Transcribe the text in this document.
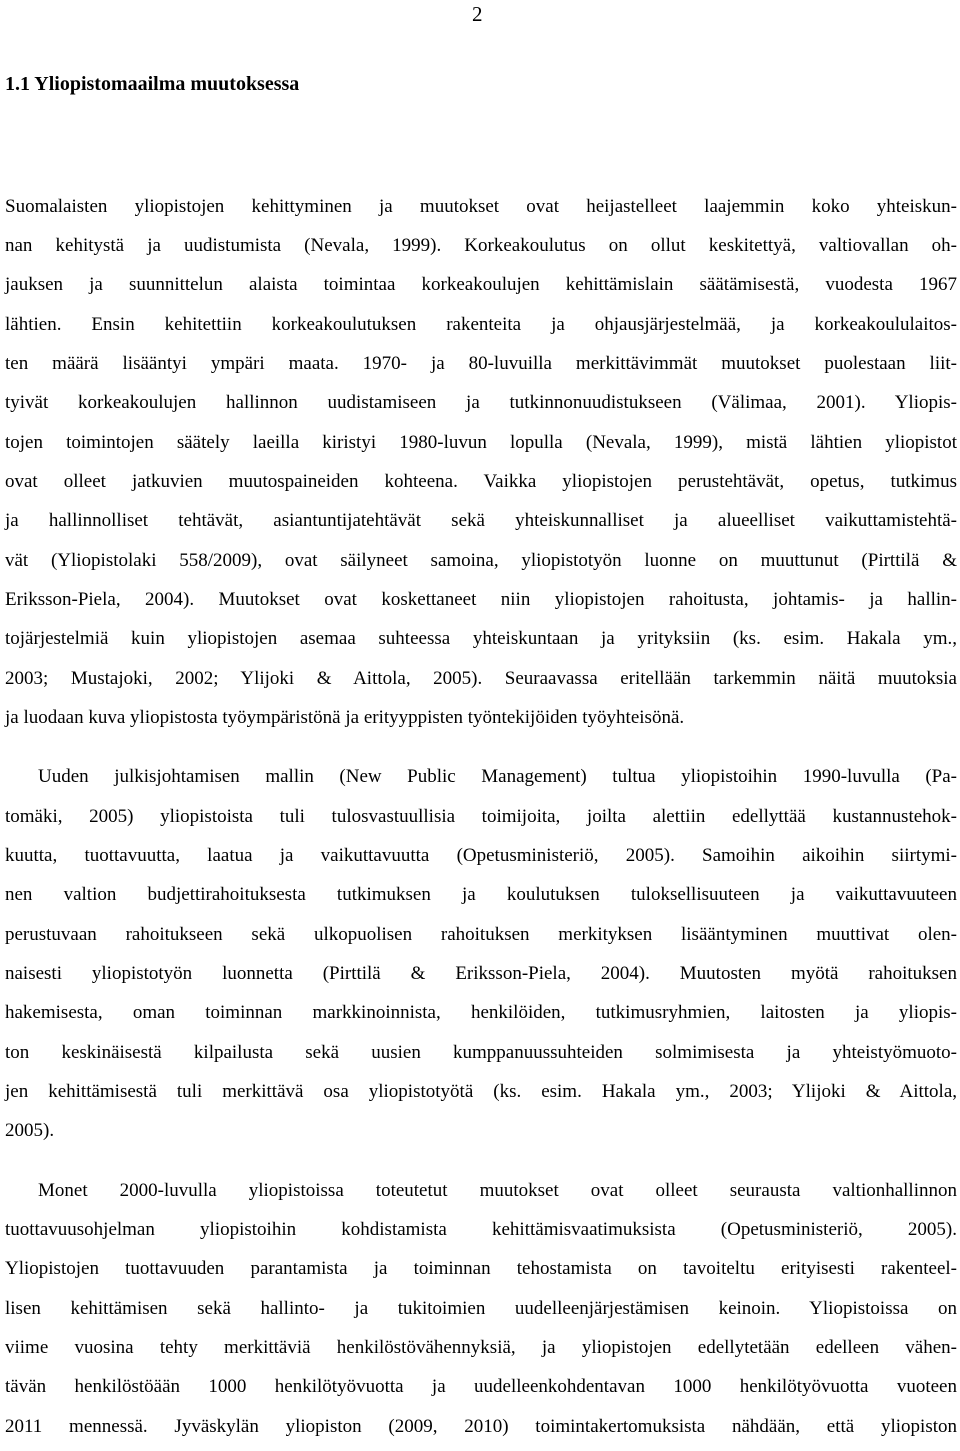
2
1.1 Yliopistomaailma muutoksessa
Suomalaisten yliopistojen kehittyminen ja muutokset ovat heijastelleet laajemmin koko yhteiskun-
nan kehitystä ja uudistumista (Nevala, 1999). Korkeakoulutus on ollut keskitettyä, valtiovallan oh-
jauksen ja suunnittelun alaista toimintaa korkeakoulujen kehittämislain säätämisestä, vuodesta 1967
lähtien. Ensin kehitettiin korkeakoulutuksen rakenteita ja ohjausjärjestelmää, ja korkeakoululaitos-
ten määrä lisääntyi ympäri maata. 1970- ja 80-luvuilla merkittävimmät muutokset puolestaan liit-
tyivät korkeakoulujen hallinnon uudistamiseen ja tutkinnonuudistukseen (Välimaa, 2001). Yliopis-
tojen toimintojen säätely laeilla kiristyi 1980-luvun lopulla (Nevala, 1999), mistä lähtien yliopistot
ovat olleet jatkuvien muutospaineiden kohteena. Vaikka yliopistojen perustehtävät, opetus, tutkimus
ja hallinnolliset tehtävät, asiantuntijatehtävät sekä yhteiskunnalliset ja alueelliset vaikuttamistehtä-
vät (Yliopistolaki 558/2009), ovat säilyneet samoina, yliopistotyön luonne on muuttunut (Pirttilä &
Eriksson-Piela, 2004). Muutokset ovat koskettaneet niin yliopistojen rahoitusta, johtamis- ja hallin-
tojärjestelmiä kuin yliopistojen asemaa suhteessa yhteiskuntaan ja yrityksiin (ks. esim. Hakala ym.,
2003; Mustajoki, 2002; Ylijoki & Aittola, 2005). Seuraavassa eritellään tarkemmin näitä muutoksia
ja luodaan kuva yliopistosta työympäristönä ja erityyppisten työntekijöiden työyhteisönä.
Uuden julkisjohtamisen mallin (New Public Management) tultua yliopistoihin 1990-luvulla (Pa-
tomäki, 2005) yliopistoista tuli tulosvastuullisia toimijoita, joilta alettiin edellyttää kustannustehok-
kuutta, tuottavuutta, laatua ja vaikuttavuutta (Opetusministeriö, 2005). Samoihin aikoihin siirtymi-
nen valtion budjettirahoituksesta tutkimuksen ja koulutuksen tuloksellisuuteen ja vaikuttavuuteen
perustuvaan rahoitukseen sekä ulkopuolisen rahoituksen merkityksen lisääntyminen muuttivat olen-
naisesti yliopistotyön luonnetta (Pirttilä & Eriksson-Piela, 2004). Muutosten myötä rahoituksen
hakemisesta, oman toiminnan markkinoinnista, henkilöiden, tutkimusryhmien, laitosten ja yliopis-
ton keskinäisestä kilpailusta sekä uusien kumppanuussuhteiden solmimisesta ja yhteistyömuoto-
jen kehittämisestä tuli merkittävä osa yliopistotyötä (ks. esim. Hakala ym., 2003; Ylijoki & Aittola,
2005).
Monet 2000-luvulla yliopistoissa toteutetut muutokset ovat olleet seurausta valtionhallinnon
tuottavuusohjelman yliopistoihin kohdistamista kehittämisvaatimuksista (Opetusministeriö, 2005).
Yliopistojen tuottavuuden parantamista ja toiminnan tehostamista on tavoiteltu erityisesti rakenteel-
lisen kehittämisen sekä hallinto- ja tukitoimien uudelleenjärjestämisen keinoin. Yliopistoissa on
viime vuosina tehty merkittäviä henkilöstövähennyksiä, ja yliopistojen edellytetään edelleen vähen-
tävän henkilöstöään 1000 henkilötyövuotta ja uudelleenkohdentavan 1000 henkilötyövuotta vuoteen
2011 mennessä. Jyväskylän yliopiston (2009, 2010) toimintakertomuksista nähdään, että yliopiston
